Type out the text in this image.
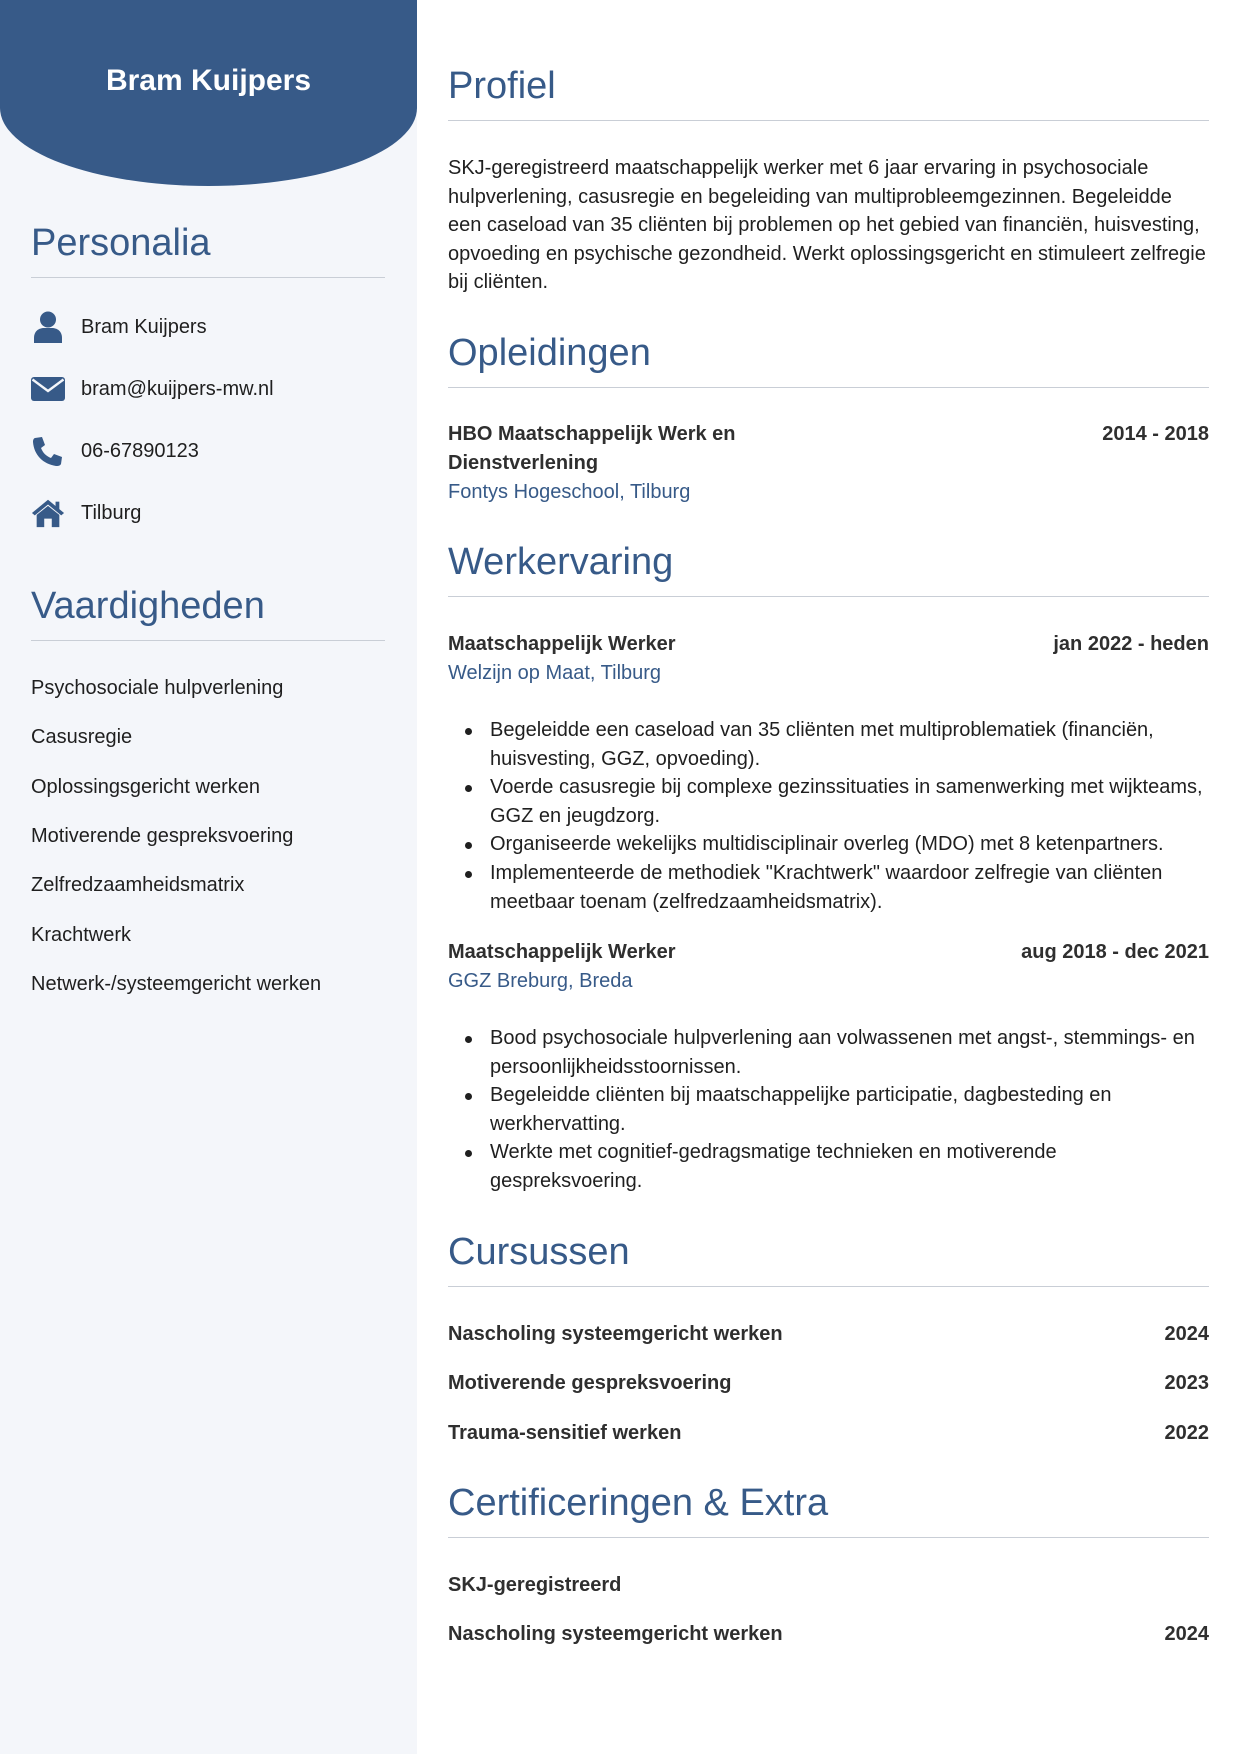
Bram Kuijpers
Personalia
Bram Kuijpers
bram@kuijpers-mw.nl
06-67890123
Tilburg
Vaardigheden
Psychosociale hulpverlening
Casusregie
Oplossingsgericht werken
Motiverende gespreksvoering
Zelfredzaamheidsmatrix
Krachtwerk
Netwerk-/systeemgericht werken
Profiel
SKJ-geregistreerd maatschappelijk werker met 6 jaar ervaring in psychosociale hulpverlening, casusregie en begeleiding van multiprobleemgezinnen. Begeleidde een caseload van 35 cliënten bij problemen op het gebied van financiën, huisvesting, opvoeding en psychische gezondheid. Werkt oplossingsgericht en stimuleert zelfregie bij cliënten.
Opleidingen
HBO Maatschappelijk Werk en Dienstverlening
2014 - 2018
Fontys Hogeschool, Tilburg
Werkervaring
Maatschappelijk Werker	jan 2022 - heden
Welzijn op Maat, Tilburg
Begeleidde een caseload van 35 cliënten met multiproblematiek (financiën, huisvesting, GGZ, opvoeding).
Voerde casusregie bij complexe gezinssituaties in samenwerking met wijkteams, GGZ en jeugdzorg.
Organiseerde wekelijks multidisciplinair overleg (MDO) met 8 ketenpartners.
Implementeerde de methodiek "Krachtwerk" waardoor zelfregie van cliënten meetbaar toenam (zelfredzaamheidsmatrix).
Maatschappelijk Werker	aug 2018 - dec 2021
GGZ Breburg, Breda
Bood psychosociale hulpverlening aan volwassenen met angst-, stemmings- en persoonlijkheidsstoornissen.
Begeleidde cliënten bij maatschappelijke participatie, dagbesteding en werkhervatting.
Werkte met cognitief-gedragsmatige technieken en motiverende gespreksvoering.
Cursussen
Nascholing systeemgericht werken	2024
Motiverende gespreksvoering	2023
Trauma-sensitief werken	2022
Certificeringen & Extra
SKJ-geregistreerd
Nascholing systeemgericht werken	2024
